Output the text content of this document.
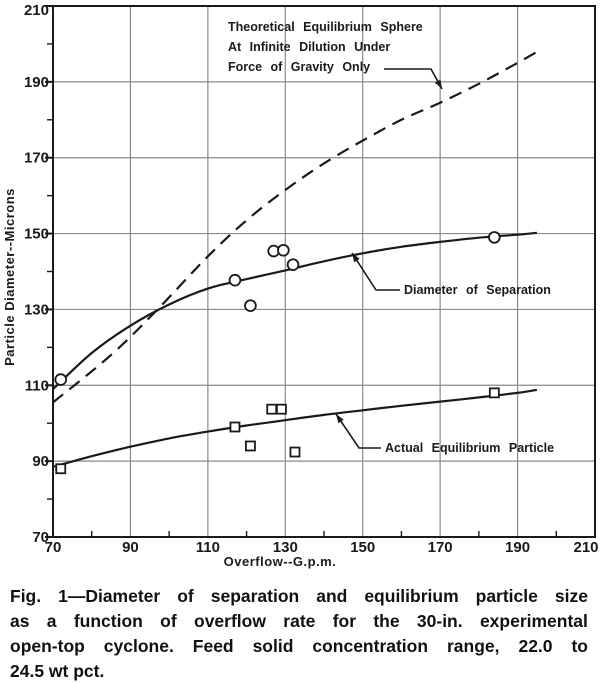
70
90
110
130
150
170
190
210
70	90	110	130	150	170	190	210
Overflow--G.p.m.
Particle Diameter--Microns
Theoretical Equilibrium Sphere
At Infinite Dilution Under
Force of Gravity Only
Diameter of Separation
Actual Equilibrium Particle
Fig. 1—Diameter of separation and equilibrium particle size
as a function of overflow rate for the 30-in. experimental
open-top cyclone. Feed solid concentration range, 22.0 to
24.5 wt pct.
